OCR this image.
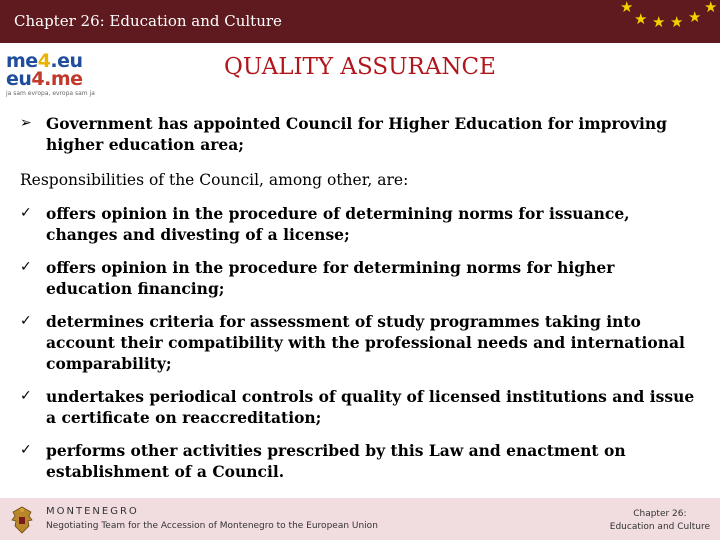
Chapter 26: Education and Culture
★
★ ★ ★ ★
★
me4.eu
eu4.me
ja sam evropa, evropa sam ja
QUALITY ASSURANCE
➢ Government has appointed Council for Higher Education for improving higher education area;
Responsibilities of the Council, among other, are:
✓ offers opinion in the procedure of determining norms for issuance, changes and divesting of a license;
✓ offers opinion in the procedure for determining norms for higher education financing;
✓ determines criteria for assessment of study programmes taking into account their compatibility with the professional needs and international comparability;
✓ undertakes periodical controls of quality of licensed institutions and issue a certificate on reaccreditation;
✓ performs other activities prescribed by this Law and enactment on establishment of a Council.
MONTENEGRO
Negotiating Team for the Accession of Montenegro to the European Union
Chapter 26:
Education and Culture
